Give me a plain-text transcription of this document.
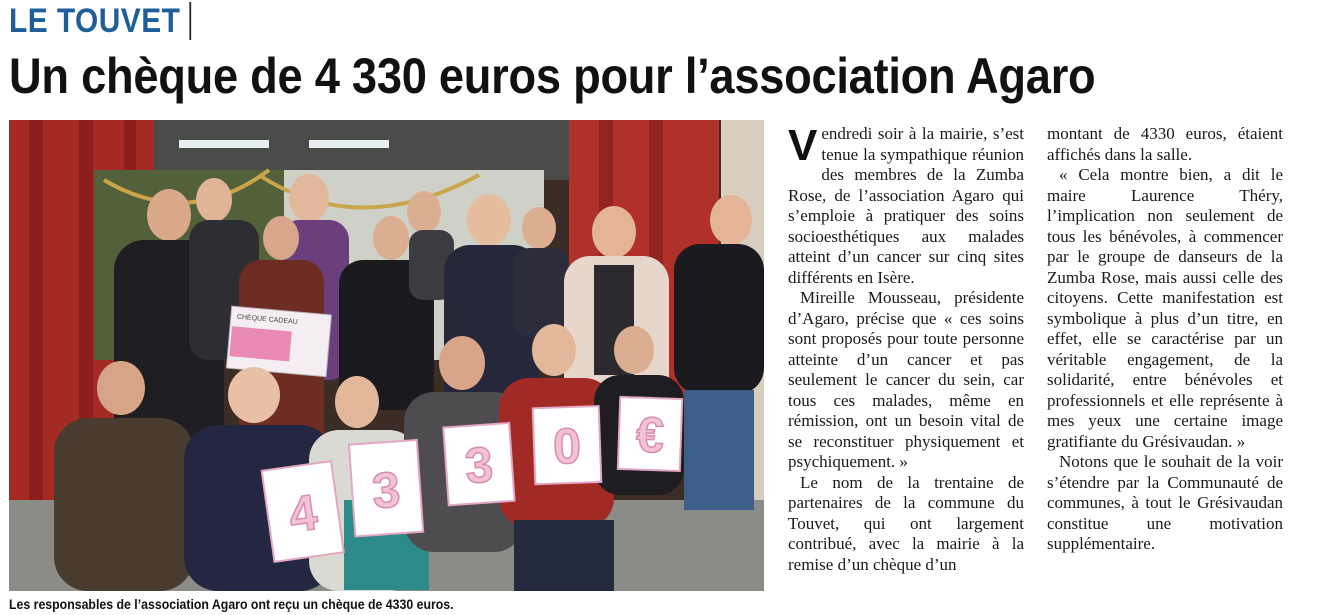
LE TOUVET
Un chèque de 4 330 euros pour l’association Agaro
CHÈQUE CADEAU
4 3 3 0 €
Les responsables de l’association Agaro ont reçu un chèque de 4330 euros.

Vendredi soir à la mairie, s’est tenue la sympathique réunion des membres de la Zumba Rose, de l’association Agaro qui s’emploie à pratiquer des soins socioesthétiques aux malades atteint d’un cancer sur cinq sites différents en Isère.

Mireille Mousseau, présidente d’Agaro, précise que « ces soins sont proposés pour toute personne atteinte d’un cancer et pas seulement le cancer du sein, car tous ces malades, même en rémission, ont un besoin vital de se reconstituer physiquement et psychiquement. »

Le nom de la trentaine de partenaires de la commune du Touvet, qui ont largement contribué, avec la mairie à la remise d’un chèque d’un

montant de 4330 euros, étaient affichés dans la salle.

« Cela montre bien, a dit le maire Laurence Théry, l’implication non seulement de tous les bénévoles, à commencer par le groupe de danseurs de la Zumba Rose, mais aussi celle des citoyens. Cette manifestation est symbolique à plus d’un titre, en effet, elle se caractérise par un véritable engagement, de la solidarité, entre bénévoles et professionnels et elle représente à mes yeux une certaine image gratifiante du Grésivaudan. »

Notons que le souhait de la voir s’étendre par la Communauté de communes, à tout le Grésivaudan constitue une motivation supplémentaire.
